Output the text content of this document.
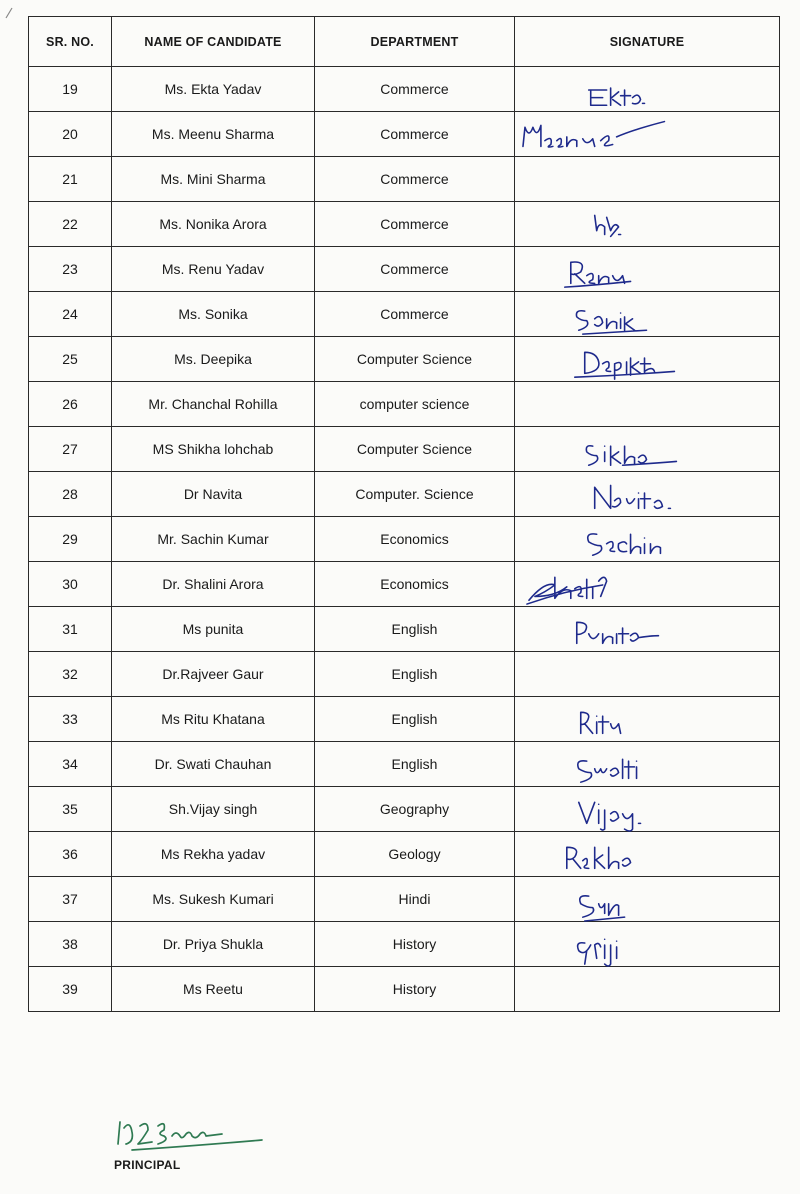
SR. NO.	NAME OF CANDIDATE	DEPARTMENT	SIGNATURE
19	Ms. Ekta Yadav	Commerce	

20	Ms. Meenu Sharma	Commerce	

21	Ms. Mini Sharma	Commerce	
22	Ms. Nonika Arora	Commerce	

23	Ms. Renu Yadav	Commerce	

24	Ms. Sonika	Commerce	

25	Ms. Deepika	Computer Science	

26	Mr. Chanchal Rohilla	computer science	
27	MS Shikha lohchab	Computer Science	

28	Dr Navita	Computer. Science	

29	Mr. Sachin Kumar	Economics	

30	Dr. Shalini Arora	Economics	

31	Ms punita	English	

32	Dr.Rajveer Gaur	English	
33	Ms Ritu Khatana	English	

34	Dr. Swati Chauhan	English	

35	Sh.Vijay singh	Geography	

36	Ms Rekha yadav	Geology	

37	Ms. Sukesh Kumari	Hindi	

38	Dr. Priya Shukla	History	

39	Ms Reetu	History	
PRINCIPAL
